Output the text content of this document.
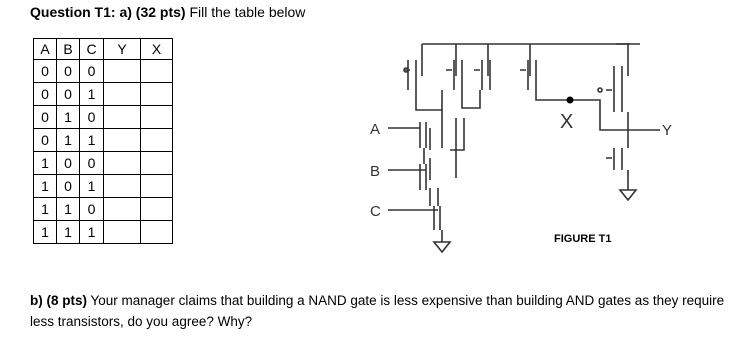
Question T1: a) (32 pts) Fill the table below
A	B	C	Y	X
0	0	0		
0	0	1		
0	1	0		
0	1	1		
1	0	0		
1	0	1		
1	1	0		
1	1	1		
A
B
C
Y
X
FIGURE T1
b) (8 pts) Your manager claims that building a NAND gate is less expensive than building AND gates as they require less transistors, do you agree? Why?
